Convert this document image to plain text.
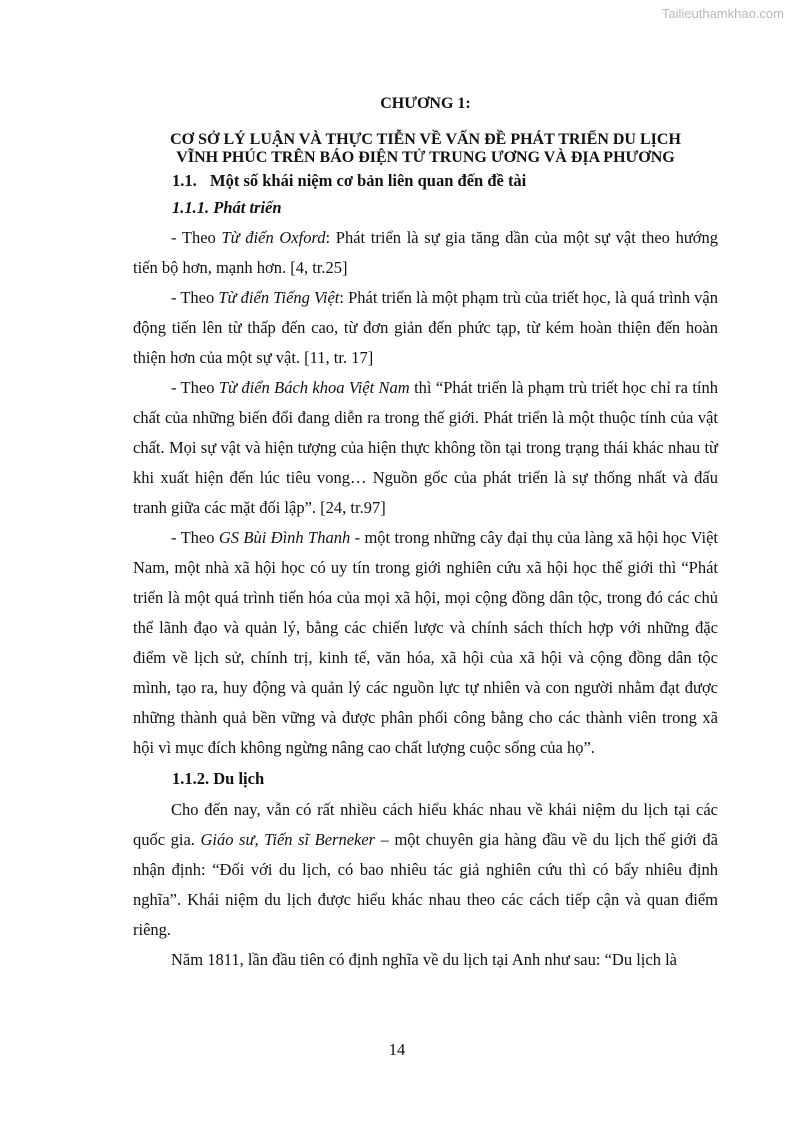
Tailieuthamkhao.com
CHƯƠNG 1:
CƠ SỞ LÝ LUẬN VÀ THỰC TIỄN VỀ VẤN ĐỀ PHÁT TRIỂN DU LỊCH
VĨNH PHÚC TRÊN BÁO ĐIỆN TỬ TRUNG ƯƠNG VÀ ĐỊA PHƯƠNG
1.1. Một số khái niệm cơ bản liên quan đến đề tài
1.1.1. Phát triển

- Theo Từ điển Oxford: Phát triển là sự gia tăng dần của một sự vật theo hướng tiến bộ hơn, mạnh hơn. [4, tr.25]

- Theo Từ điển Tiếng Việt: Phát triển là một phạm trù của triết học, là quá trình vận động tiến lên từ thấp đến cao, từ đơn giản đến phức tạp, từ kém hoàn thiện đến hoàn thiện hơn của một sự vật. [11, tr. 17]

- Theo Từ điển Bách khoa Việt Nam thì “Phát triển là phạm trù triết học chỉ ra tính chất của những biến đổi đang diễn ra trong thế giới. Phát triển là một thuộc tính của vật chất. Mọi sự vật và hiện tượng của hiện thực không tồn tại trong trạng thái khác nhau từ khi xuất hiện đến lúc tiêu vong… Nguồn gốc của phát triển là sự thống nhất và đấu tranh giữa các mặt đối lập”. [24, tr.97]

- Theo GS Bùi Đình Thanh - một trong những cây đại thụ của làng xã hội học Việt Nam, một nhà xã hội học có uy tín trong giới nghiên cứu xã hội học thế giới thì “Phát triển là một quá trình tiến hóa của mọi xã hội, mọi cộng đồng dân tộc, trong đó các chủ thể lãnh đạo và quản lý, bằng các chiến lược và chính sách thích hợp với những đặc điểm về lịch sử, chính trị, kinh tế, văn hóa, xã hội của xã hội và cộng đồng dân tộc mình, tạo ra, huy động và quản lý các nguồn lực tự nhiên và con người nhằm đạt được những thành quả bền vững và được phân phối công bằng cho các thành viên trong xã hội vì mục đích không ngừng nâng cao chất lượng cuộc sống của họ”.

1.1.2. Du lịch

Cho đến nay, vẫn có rất nhiều cách hiểu khác nhau về khái niệm du lịch tại các quốc gia. Giáo sư, Tiến sĩ Berneker – một chuyên gia hàng đầu về du lịch thế giới đã nhận định: “Đối với du lịch, có bao nhiêu tác giả nghiên cứu thì có bấy nhiêu định nghĩa”. Khái niệm du lịch được hiểu khác nhau theo các cách tiếp cận và quan điểm riêng.

Năm 1811, lần đầu tiên có định nghĩa về du lịch tại Anh như sau: “Du lịch là

14
